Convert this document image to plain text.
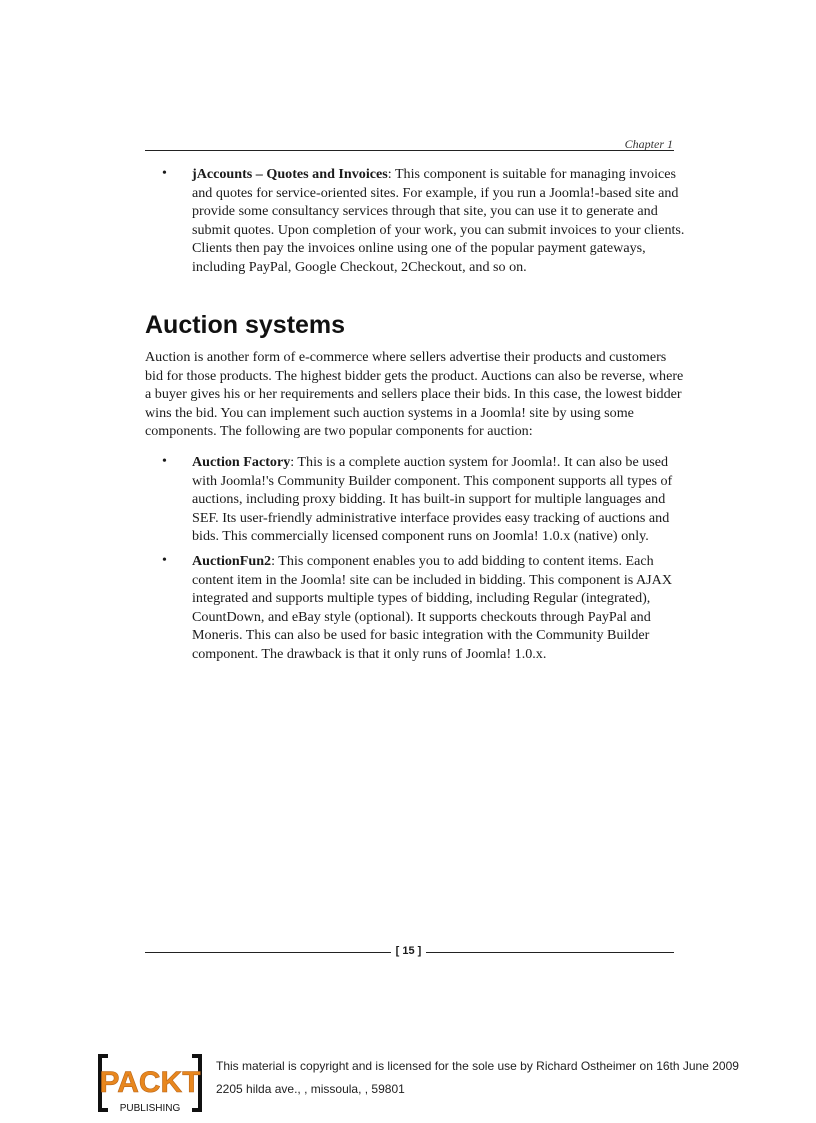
Chapter 1
• jAccounts – Quotes and Invoices: This component is suitable for managing invoices and quotes for service-oriented sites. For example, if you run a Joomla!-based site and provide some consultancy services through that site, you can use it to generate and submit quotes. Upon completion of your work, you can submit invoices to your clients. Clients then pay the invoices online using one of the popular payment gateways, including PayPal, Google Checkout, 2Checkout, and so on.
Auction systems

Auction is another form of e-commerce where sellers advertise their products and customers bid for those products. The highest bidder gets the product. Auctions can also be reverse, where a buyer gives his or her requirements and sellers place their bids. In this case, the lowest bidder wins the bid. You can implement such auction systems in a Joomla! site by using some components. The following are two popular components for auction:

• Auction Factory: This is a complete auction system for Joomla!. It can also be used with Joomla!'s Community Builder component. This component supports all types of auctions, including proxy bidding. It has built-in support for multiple languages and SEF. Its user-friendly administrative interface provides easy tracking of auctions and bids. This commercially licensed component runs on Joomla! 1.0.x (native) only.
• AuctionFun2: This component enables you to add bidding to content items. Each content item in the Joomla! site can be included in bidding. This component is AJAX integrated and supports multiple types of bidding, including Regular (integrated), CountDown, and eBay style (optional). It supports checkouts through PayPal and Moneris. This can also be used for basic integration with the Community Builder component. The drawback is that it only runs of Joomla! 1.0.x.
[ 15 ]
PACKT
PUBLISHING
This material is copyright and is licensed for the sole use by Richard Ostheimer on 16th June 2009
2205 hilda ave., , missoula, , 59801
